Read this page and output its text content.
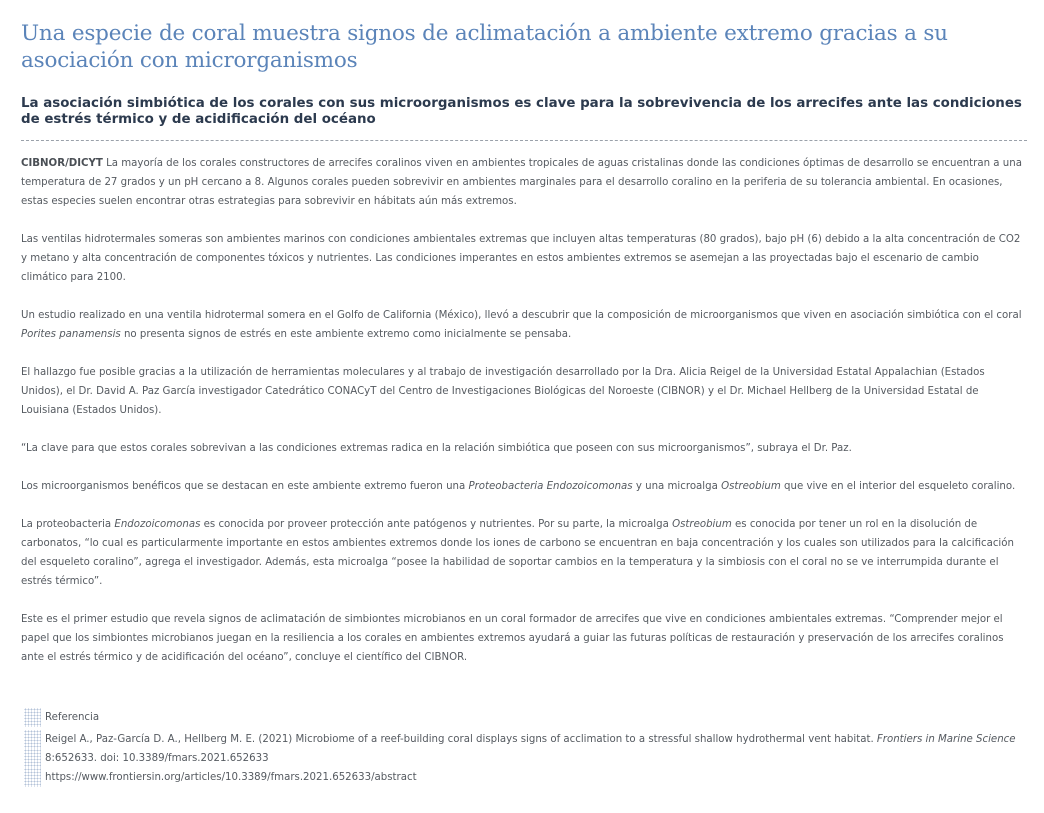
Una especie de coral muestra signos de aclimatación a ambiente extremo gracias a su asociación con microrganismos
La asociación simbiótica de los corales con sus microorganismos es clave para la sobrevivencia de los arrecifes ante las condiciones de estrés térmico y de acidificación del océano

CIBNOR/DICYT La mayoría de los corales constructores de arrecifes coralinos viven en ambientes tropicales de aguas cristalinas donde las condiciones óptimas de desarrollo se encuentran a una temperatura de 27 grados y un pH cercano a 8. Algunos corales pueden sobrevivir en ambientes marginales para el desarrollo coralino en la periferia de su tolerancia ambiental. En ocasiones, estas especies suelen encontrar otras estrategias para sobrevivir en hábitats aún más extremos.

Las ventilas hidrotermales someras son ambientes marinos con condiciones ambientales extremas que incluyen altas temperaturas (80 grados), bajo pH (6) debido a la alta concentración de CO2 y metano y alta concentración de componentes tóxicos y nutrientes. Las condiciones imperantes en estos ambientes extremos se asemejan a las proyectadas bajo el escenario de cambio climático para 2100.

Un estudio realizado en una ventila hidrotermal somera en el Golfo de California (México), llevó a descubrir que la composición de microorganismos que viven en asociación simbiótica con el coral Porites panamensis no presenta signos de estrés en este ambiente extremo como inicialmente se pensaba.

El hallazgo fue posible gracias a la utilización de herramientas moleculares y al trabajo de investigación desarrollado por la Dra. Alicia Reigel de la Universidad Estatal Appalachian (Estados Unidos), el Dr. David A. Paz García investigador Catedrático CONACyT del Centro de Investigaciones Biológicas del Noroeste (CIBNOR) y el Dr. Michael Hellberg de la Universidad Estatal de Louisiana (Estados Unidos).

“La clave para que estos corales sobrevivan a las condiciones extremas radica en la relación simbiótica que poseen con sus microorganismos”, subraya el Dr. Paz.

Los microorganismos benéficos que se destacan en este ambiente extremo fueron una Proteobacteria Endozoicomonas y una microalga Ostreobium que vive en el interior del esqueleto coralino.

La proteobacteria Endozoicomonas es conocida por proveer protección ante patógenos y nutrientes. Por su parte, la microalga Ostreobium es conocida por tener un rol en la disolución de carbonatos, “lo cual es particularmente importante en estos ambientes extremos donde los iones de carbono se encuentran en baja concentración y los cuales son utilizados para la calcificación del esqueleto coralino”, agrega el investigador. Además, esta microalga “posee la habilidad de soportar cambios en la temperatura y la simbiosis con el coral no se ve interrumpida durante el estrés térmico”.

Este es el primer estudio que revela signos de aclimatación de simbiontes microbianos en un coral formador de arrecifes que vive en condiciones ambientales extremas. “Comprender mejor el papel que los simbiontes microbianos juegan en la resiliencia a los corales en ambientes extremos ayudará a guiar las futuras políticas de restauración y preservación de los arrecifes coralinos ante el estrés térmico y de acidificación del océano”, concluye el científico del CIBNOR.

Referencia
Reigel A., Paz-García D. A., Hellberg M. E. (2021) Microbiome of a reef-building coral displays signs of acclimation to a stressful shallow hydrothermal vent habitat. Frontiers in Marine Science
8:652633. doi: 10.3389/fmars.2021.652633
https://www.frontiersin.org/articles/10.3389/fmars.2021.652633/abstract
